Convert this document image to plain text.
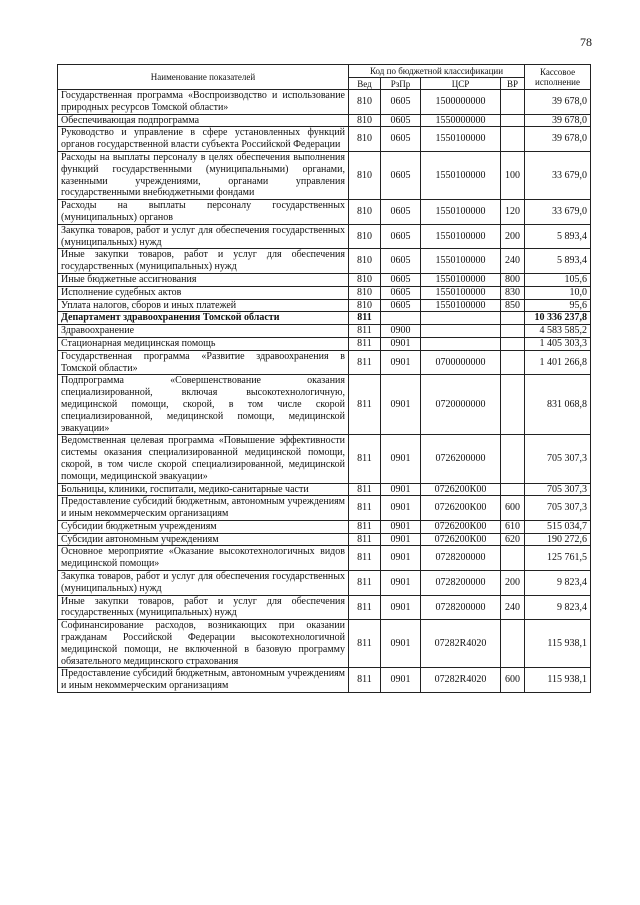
78
Наименование показателей	Код по бюджетной классификации				Кассовое исполнение
	Вед	РзПр	ЦСР	ВР	
Государственная программа «Воспроизводство и использование природных ресурсов Томской области»	810	0605	1500000000		39 678,0
Обеспечивающая подпрограмма	810	0605	1550000000		39 678,0
Руководство и управление в сфере установленных функций органов государственной власти субъекта Российской Федерации	810	0605	1550100000		39 678,0
Расходы на выплаты персоналу в целях обеспечения выполнения функций государственными (муниципальными) органами, казенными учреждениями, органами управления государственными внебюджетными фондами	810	0605	1550100000	100	33 679,0
Расходы на выплаты персоналу государственных (муниципальных) органов	810	0605	1550100000	120	33 679,0
Закупка товаров, работ и услуг для обеспечения государственных (муниципальных) нужд	810	0605	1550100000	200	5 893,4
Иные закупки товаров, работ и услуг для обеспечения государственных (муниципальных) нужд	810	0605	1550100000	240	5 893,4
Иные бюджетные ассигнования	810	0605	1550100000	800	105,6
Исполнение судебных актов	810	0605	1550100000	830	10,0
Уплата налогов, сборов и иных платежей	810	0605	1550100000	850	95,6
Департамент здравоохранения Томской области	811				10 336 237,8
Здравоохранение	811	0900			4 583 585,2
Стационарная медицинская помощь	811	0901			1 405 303,3
Государственная программа «Развитие здравоохранения в Томской области»	811	0901	0700000000		1 401 266,8
Подпрограмма «Совершенствование оказания специализированной, включая высокотехнологичную, медицинской помощи, скорой, в том числе скорой специализированной, медицинской помощи, медицинской эвакуации»	811	0901	0720000000		831 068,8
Ведомственная целевая программа «Повышение эффективности системы оказания специализированной медицинской помощи, скорой, в том числе скорой специализированной, медицинской помощи, медицинской эвакуации»	811	0901	0726200000		705 307,3
Больницы, клиники, госпитали, медико-санитарные части	811	0901	0726200К00		705 307,3
Предоставление субсидий бюджетным, автономным учреждениям и иным некоммерческим организациям	811	0901	0726200К00	600	705 307,3
Субсидии бюджетным учреждениям	811	0901	0726200К00	610	515 034,7
Субсидии автономным учреждениям	811	0901	0726200К00	620	190 272,6
Основное мероприятие «Оказание высокотехнологичных видов медицинской помощи»	811	0901	0728200000		125 761,5
Закупка товаров, работ и услуг для обеспечения государственных (муниципальных) нужд	811	0901	0728200000	200	9 823,4
Иные закупки товаров, работ и услуг для обеспечения государственных (муниципальных) нужд	811	0901	0728200000	240	9 823,4
Софинансирование расходов, возникающих при оказании гражданам Российской Федерации высокотехнологичной медицинской помощи, не включенной в базовую программу обязательного медицинского страхования	811	0901	07282R4020		115 938,1
Предоставление субсидий бюджетным, автономным учреждениям и иным некоммерческим организациям	811	0901	07282R4020	600	115 938,1
